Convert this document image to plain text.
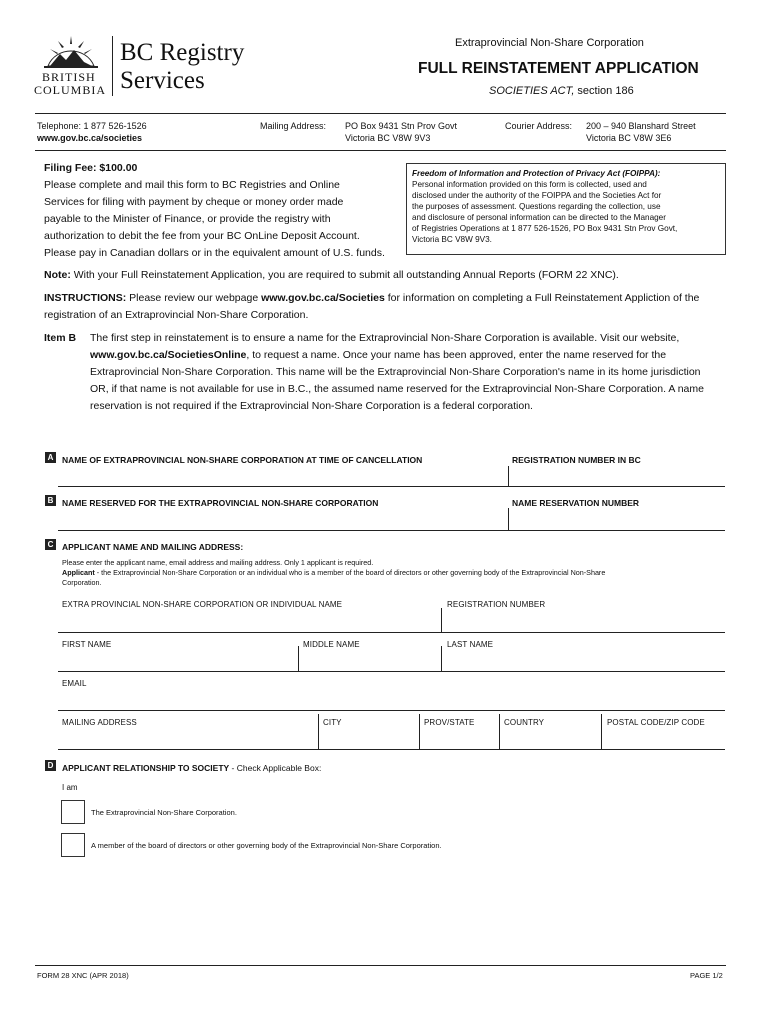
BRITISH
COLUMBIA
BC Registry
Services
Extraprovincial Non-Share Corporation
FULL REINSTATEMENT APPLICATION
SOCIETIES ACT, section 186
Telephone: 1 877 526-1526
www.gov.bc.ca/societies
Mailing Address: PO Box 9431 Stn Prov Govt
Victoria BC V8W 9V3
Courier Address: 200 – 940 Blanshard Street
Victoria BC V8W 3E6
Filing Fee: $100.00
Please complete and mail this form to BC Registries and Online
Services for filing with payment by cheque or money order made
payable to the Minister of Finance, or provide the registry with
authorization to debit the fee from your BC OnLine Deposit Account.
Please pay in Canadian dollars or in the equivalent amount of U.S. funds.
Freedom of Information and Protection of Privacy Act (FOIPPA):
Personal information provided on this form is collected, used and
disclosed under the authority of the FOIPPA and the Societies Act for
the purposes of assessment. Questions regarding the collection, use
and disclosure of personal information can be directed to the Manager
of Registries Operations at 1 877 526-1526, PO Box 9431 Stn Prov Govt,
Victoria BC V8W 9V3.
Note: With your Full Reinstatement Application, you are required to submit all outstanding Annual Reports (FORM 22 XNC).
INSTRUCTIONS: Please review our webpage www.gov.bc.ca/Societies for information on completing a Full Reinstatement Appliction of the
registration of an Extraprovincial Non-Share Corporation.
Item B The first step in reinstatement is to ensure a name for the Extraprovincial Non-Share Corporation is available. Visit our website,
www.gov.bc.ca/SocietiesOnline, to request a name. Once your name has been approved, enter the name reserved for the
Extraprovincial Non-Share Corporation. This name will be the Extraprovincial Non-Share Corporation's name in its home jurisdiction
OR, if that name is not available for use in B.C., the assumed name reserved for the Extraprovincial Non-Share Corporation. A name
reservation is not required if the Extraprovincial Non-Share Corporation is a federal corporation.
A	NAME OF EXTRAPROVINCIAL NON-SHARE CORPORATION AT TIME OF CANCELLATION	REGISTRATION NUMBER IN BC
B	NAME RESERVED FOR THE EXTRAPROVINCIAL NON-SHARE CORPORATION	NAME RESERVATION NUMBER
C	APPLICANT NAME AND MAILING ADDRESS:
Please enter the applicant name, email address and mailing address. Only 1 applicant is required.
Applicant - the Extraprovincial Non-Share Corporation or an individual who is a member of the board of directors or other governing body of the Extraprovincial Non-Share
Corporation.
EXTRA PROVINCIAL NON-SHARE CORPORATION OR INDIVIDUAL NAME	REGISTRATION NUMBER
FIRST NAME	MIDDLE NAME	LAST NAME
EMAIL
MAILING ADDRESS	CITY	PROV/STATE	COUNTRY	POSTAL CODE/ZIP CODE
D	APPLICANT RELATIONSHIP TO SOCIETY - Check Applicable Box:
I am
The Extraprovincial Non-Share Corporation.
A member of the board of directors or other governing body of the Extraprovincial Non-Share Corporation.
FORM 28 XNC (APR 2018)	PAGE 1/2
